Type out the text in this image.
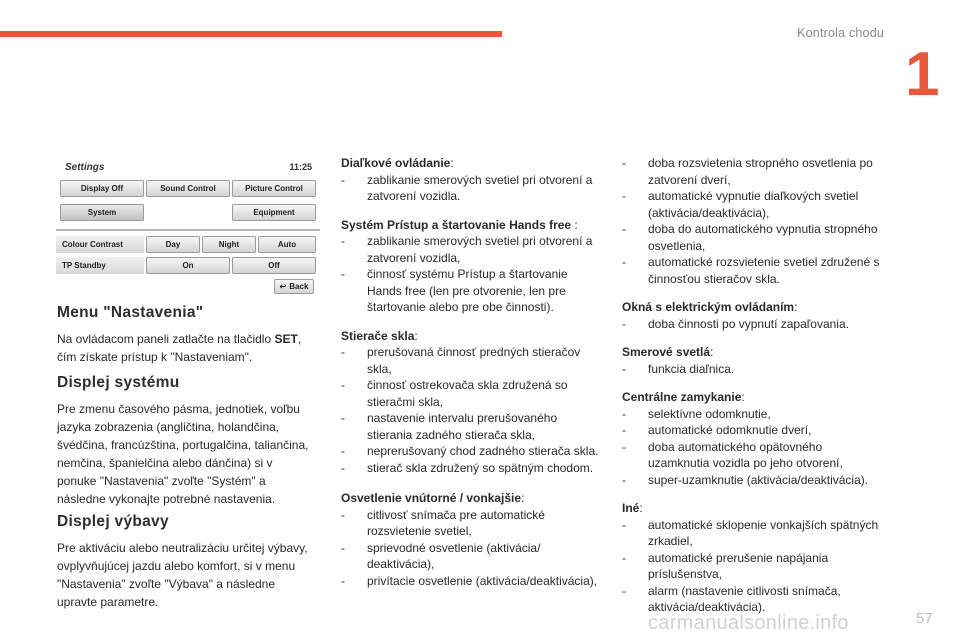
Kontrola chodu
1
57
carmanualsonline.info
Settings	11:25
Display Off	Sound Control	Picture Control
System	Equipment
Colour Contrast	Day	Night	Auto
TP Standby	On	Off
↩ Back
Menu "Nastavenia"

Na ovládacom paneli zatlačte na tlačidlo SET,
čím získate prístup k "Nastaveniam".

Displej systému

Pre zmenu časového pásma, jednotiek, voľbu
jazyka zobrazenia (angličtina, holandčina,
švédčina, francúzština, portugalčina, taliančina,
nemčina, španielčina alebo dánčina) si v
ponuke "Nastavenia" zvoľte "Systém" a
následne vykonajte potrebné nastavenia.

Displej výbavy

Pre aktiváciu alebo neutralizáciu určitej výbavy,
ovplyvňujúcej jazdu alebo komfort, si v menu
"Nastavenia" zvoľte "Výbava" a následne
upravte parametre.

Diaľkové ovládanie:
- zablikanie smerových svetiel pri otvorení a
zatvorení vozidla.
Systém Prístup a štartovanie Hands free :
- zablikanie smerových svetiel pri otvorení a
zatvorení vozidla,
- činnosť systému Prístup a štartovanie
Hands free (len pre otvorenie, len pre
štartovanie alebo pre obe činnosti).
Stierače skla:
- prerušovaná činnosť predných stieračov
skla,
- činnosť ostrekovača skla združená so
stieračmi skla,
- nastavenie intervalu prerušovaného
stierania zadného stierača skla,
- neprerušovaný chod zadného stierača skla.
- stierač skla združený so spätným chodom.
Osvetlenie vnútorné / vonkajšie:
- citlivosť snímača pre automatické
rozsvietenie svetiel,
- sprievodné osvetlenie (aktivácia/
deaktivácia),
- privítacie osvetlenie (aktivácia/deaktivácia),
- doba rozsvietenia stropného osvetlenia po
zatvorení dverí,
- automatické vypnutie diaľkových svetiel
(aktivácia/deaktivácia),
- doba do automatického vypnutia stropného
osvetlenia,
- automatické rozsvietenie svetiel združené s
činnosťou stieračov skla.
Okná s elektrickým ovládaním:
- doba činnosti po vypnutí zapaľovania.
Smerové svetlá:
- funkcia diaľnica.
Centrálne zamykanie:
- selektívne odomknutie,
- automatické odomknutie dverí,
- doba automatického opätovného
uzamknutia vozidla po jeho otvorení,
- super-uzamknutie (aktivácia/deaktivácia).
Iné:
- automatické sklopenie vonkajších spätných
zrkadiel,
- automatické prerušenie napájania
príslušenstva,
- alarm (nastavenie citlivosti snímača,
aktivácia/deaktivácia).
